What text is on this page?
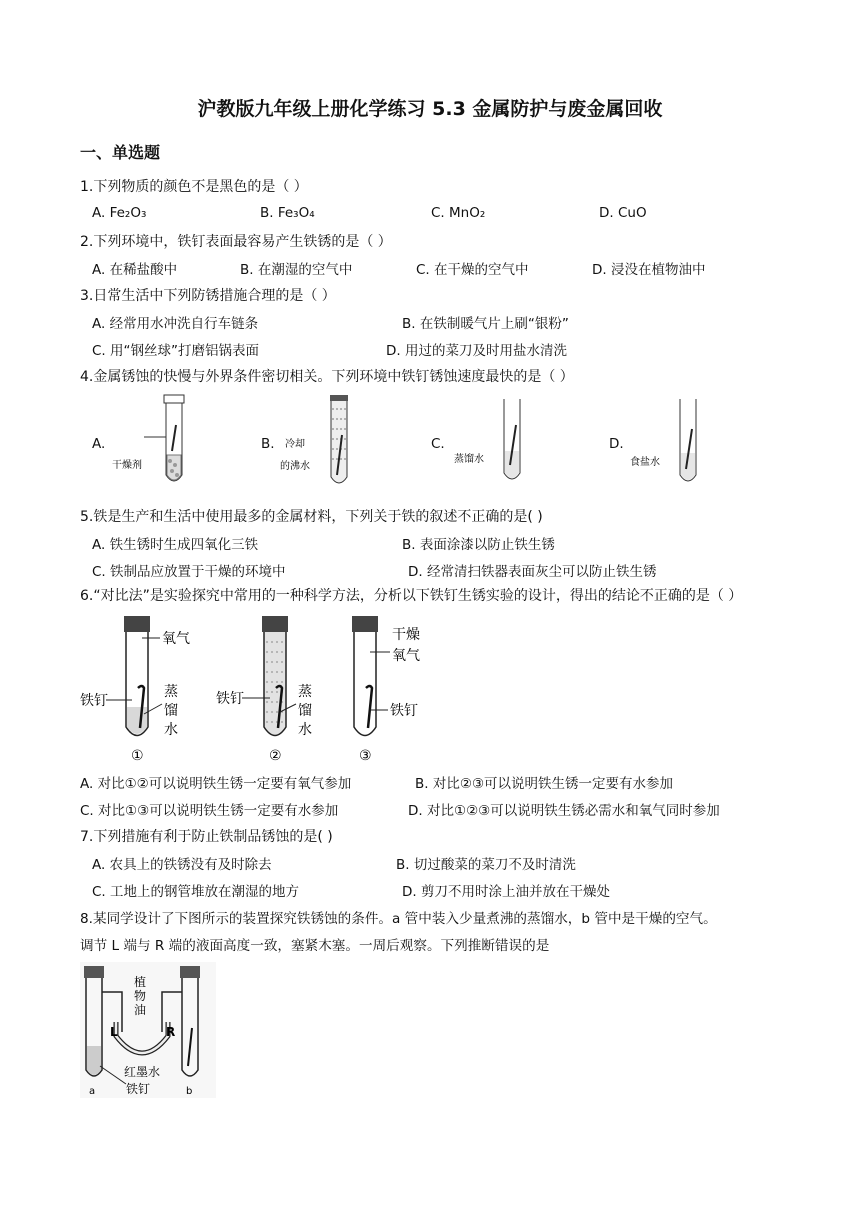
沪教版九年级上册化学练习 5.3 金属防护与废金属回收
一、单选题
1.下列物质的颜色不是黑色的是（ ）
A. Fe₂O₃	B. Fe₃O₄	C. MnO₂	D. CuO
2.下列环境中，铁钉表面最容易产生铁锈的是（ ）
A. 在稀盐酸中	B. 在潮湿的空气中	C. 在干燥的空气中	D. 浸没在植物油中
3.日常生活中下列防锈措施合理的是（ ）
A. 经常用水冲洗自行车链条	B. 在铁制暖气片上刷“银粉”
C. 用“钢丝球”打磨铝锅表面	D. 用过的菜刀及时用盐水清洗
4.金属锈蚀的快慢与外界条件密切相关。下列环境中铁钉锈蚀速度最快的是（ ）
A.	B.	C.	D.
干燥剂
冷却
的沸水
蒸馏水	食盐水
5.铁是生产和生活中使用最多的金属材料，下列关于铁的叙述不正确的是( )
A. 铁生锈时生成四氧化三铁	B. 表面涂漆以防止铁生锈
C. 铁制品应放置于干燥的环境中	D. 经常清扫铁器表面灰尘可以防止铁生锈
6.“对比法”是实验探究中常用的一种科学方法，分析以下铁钉生锈实验的设计，得出的结论不正确的是（ ）
氧气
铁钉
蒸
馏
水
①
铁钉	蒸
馏
水
②
干燥
氧气
铁钉
③
A. 对比①②可以说明铁生锈一定要有氧气参加	B. 对比②③可以说明铁生锈一定要有水参加
C. 对比①③可以说明铁生锈一定要有水参加	D. 对比①②③可以说明铁生锈必需水和氧气同时参加
7.下列措施有利于防止铁制品锈蚀的是( )
A. 农具上的铁锈没有及时除去	B. 切过酸菜的菜刀不及时清洗
C. 工地上的钢管堆放在潮湿的地方	D. 剪刀不用时涂上油并放在干燥处
8.某同学设计了下图所示的装置探究铁锈蚀的条件。a 管中装入少量煮沸的蒸馏水，b 管中是干燥的空气。
调节 L 端与 R 端的液面高度一致，塞紧木塞。一周后观察。下列推断错误的是
植
物
油
L	R
红墨水
铁钉
a	b
